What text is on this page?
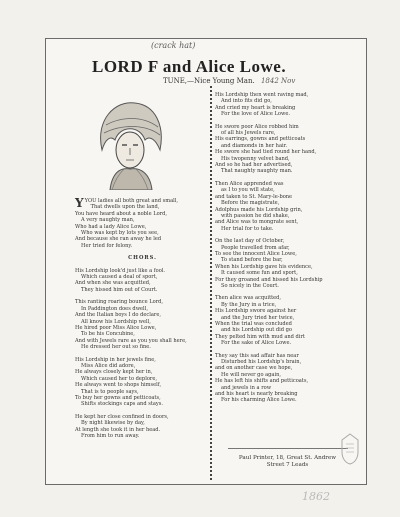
(crack hat)
LORD F and Alice Lowe.
TUNE,—Nice Young Man. 1842 Nov

Y YOU ladies all both great and small,
That dwells upon the land,
You have heard about a noble Lord,
A very naughty man,
Who had a lady Alice Lowe,
Who was kept by lots you see,
And because she ran away he led
Her tried for felony.

CHORS.

His Lordship look'd just like a fool.
Which caused a deal of sport,
And when she was acquitted,
They hissed him out of Court.

This ranting roaring bounce Lord,
In Paddington does dwell,
And the Italian boys I do declare,
All know his Lordship well,
He hired poor Miss Alice Lowe,
To be his Concubine,
And with Jewels rare as you you shall here,
He dressed her out so fine.

His Lordship in her jewels fine,
Miss Alice did adore,
He always closely kept her in,
Which caused her to deplore,
He always went to shops himself,
That is to people says,
To buy her gowns and petticoats,
Shifts stockings caps and stays.

He kept her close confined in doors,
By night likewise by day,
At length she took it in her head.
From him to run away.

His Lordship then went raving mad,
And into fits did go,
And cried my heart is breaking
For the love of Alice Lowe.

He swore poor Alice robbed him
of all his Jewels rare,
His earrings, gowns and petticoats
and diamonds in her hair.
He swore she had tied round her hand,
His twopenny velvet band,
And so he had her advertised,
That naughty naughty man.

Then Alice apprended was
as I to you will state,
and taken to St. Mary-le-bone
Before the magistrate,
Adolphus made his Lordship grin,
with passion he did shake,
and Alice was to mongrate sent,
Her trial for to take.

On the last day of October,
People travelled from afar,
To see the innocent Alice Lowe,
To stand before the bar,
When his Lordship gave his evidence,
It caused some fun and sport,
For they groaned and hissed his Lordship
So nicely in the Court.

Then alice was acquitted,
By the Jury in a trice,
His Lordship swore against her
and the Jury tried her twice,
When the trial was concluded
and his Lordship out did go
They pelted him with mud and dirt
For the sake of Alice Lowe.

They say this sad affair has near
Disturbed his Lordship's brain,
and on another case we hope,
He will never go again,
He has left his shifts and petticoats,
and jewels in a row
and his heart is nearly breaking
For his charming Alice Lowe.

Paul Printer, 18, Great St. Andrew
Street 7 Leads
1862
